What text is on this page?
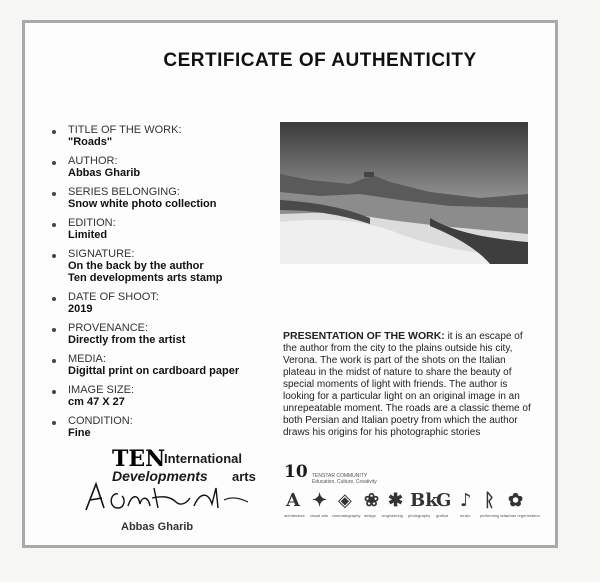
CERTIFICATE OF AUTHENTICITY
TITLE OF THE WORK:
"Roads"
AUTHOR:
Abbas Gharib
SERIES BELONGING:
Snow white photo collection
EDITION:
Limited
SIGNATURE:
On the back by the author
Ten developments arts stamp
DATE OF SHOOT:
2019
PROVENANCE:
Directly from the artist
MEDIA:
Digittal print on cardboard paper
IMAGE SIZE:
cm 47 X 27
CONDITION:
Fine
PRESENTATION OF THE WORK: it is an escape of the author from the city to the plains outside his city, Verona. The work is part of the shots on the Italian plateau in the midst of nature to share the beauty of special moments of light with friends. The author is looking for a particular light on an original image in an unrepeatable moment. The roads are a classic theme of both Persian and Italian poetry from which the author draws his origins for his photographic stories
TEN
International
Developments arts
Abbas Gharib
10 TENSTAR COMMUNITY
Education, Culture, Creativity
A ✦ ◈ ❀ ✱ Bk
G ♪ ᚱ ✿
architecture visual arts cinematography design engineering photography grafica	music performing arts urban regeneration
